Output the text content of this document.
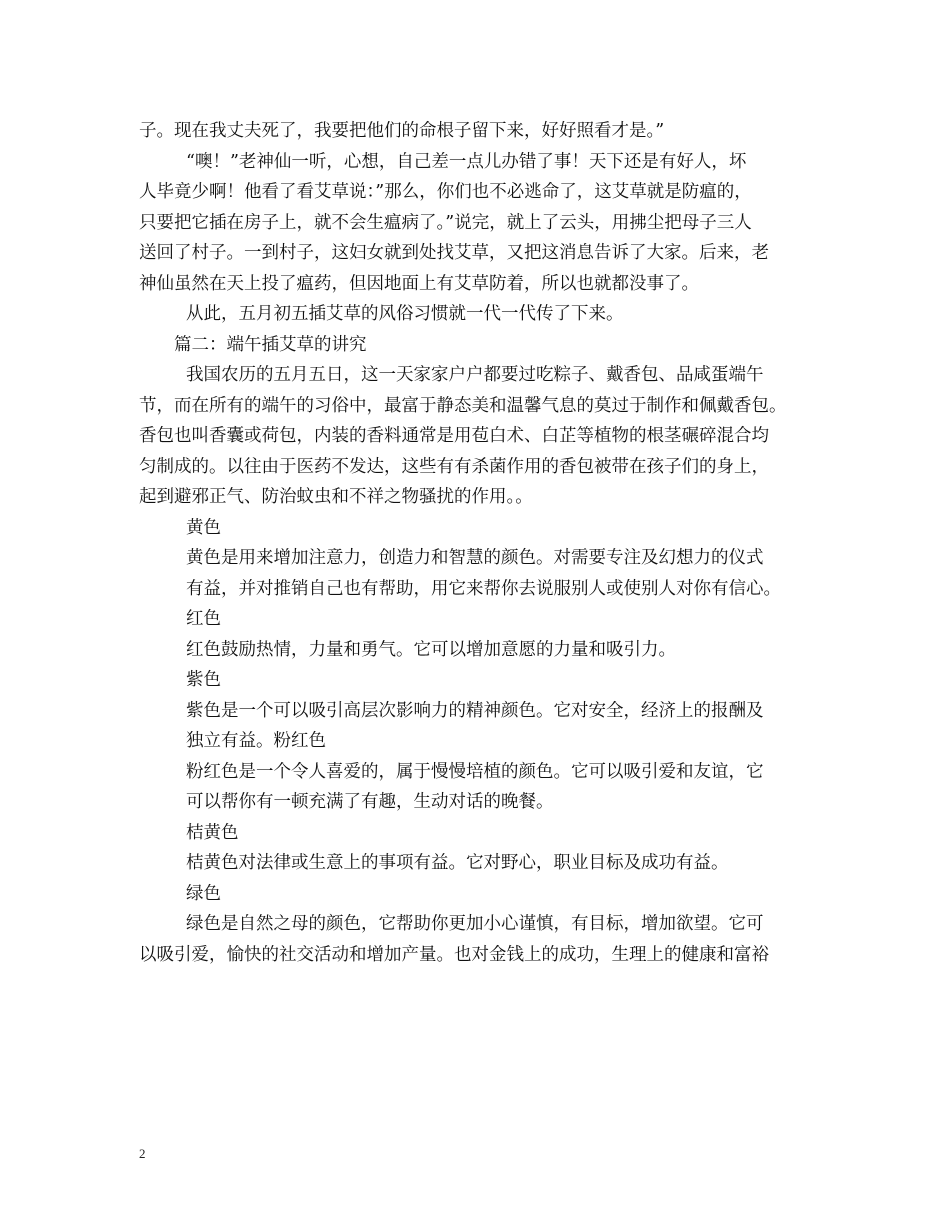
子。现在我丈夫死了，我要把他们的命根子留下来，好好照看才是。”
“噢！”老神仙一听，心想，自己差一点儿办错了事！天下还是有好人，坏
人毕竟少啊！他看了看艾草说：”那么，你们也不必逃命了，这艾草就是防瘟的，
只要把它插在房子上，就不会生瘟病了。”说完，就上了云头，用拂尘把母子三人
送回了村子。一到村子，这妇女就到处找艾草，又把这消息告诉了大家。后来，老
神仙虽然在天上投了瘟药，但因地面上有艾草防着，所以也就都没事了。
从此，五月初五插艾草的风俗习惯就一代一代传了下来。
篇二：端午插艾草的讲究
我国农历的五月五日，这一天家家户户都要过吃粽子、戴香包、品咸蛋端午
节，而在所有的端午的习俗中，最富于静态美和温馨气息的莫过于制作和佩戴香包。
香包也叫香囊或荷包，内装的香料通常是用苞白术、白芷等植物的根茎碾碎混合均
匀制成的。以往由于医药不发达，这些有有杀菌作用的香包被带在孩子们的身上，
起到避邪正气、防治蚊虫和不祥之物骚扰的作用。。
黄色
黄色是用来增加注意力，创造力和智慧的颜色。对需要专注及幻想力的仪式
有益，并对推销自己也有帮助，用它来帮你去说服别人或使别人对你有信心。
红色
红色鼓励热情，力量和勇气。它可以增加意愿的力量和吸引力。
紫色
紫色是一个可以吸引高层次影响力的精神颜色。它对安全，经济上的报酬及
独立有益。粉红色
粉红色是一个令人喜爱的，属于慢慢培植的颜色。它可以吸引爱和友谊，它
可以帮你有一顿充满了有趣，生动对话的晚餐。
桔黄色
桔黄色对法律或生意上的事项有益。它对野心，职业目标及成功有益。
绿色
绿色是自然之母的颜色，它帮助你更加小心谨慎，有目标，增加欲望。它可
以吸引爱，愉快的社交活动和增加产量。也对金钱上的成功，生理上的健康和富裕
2
